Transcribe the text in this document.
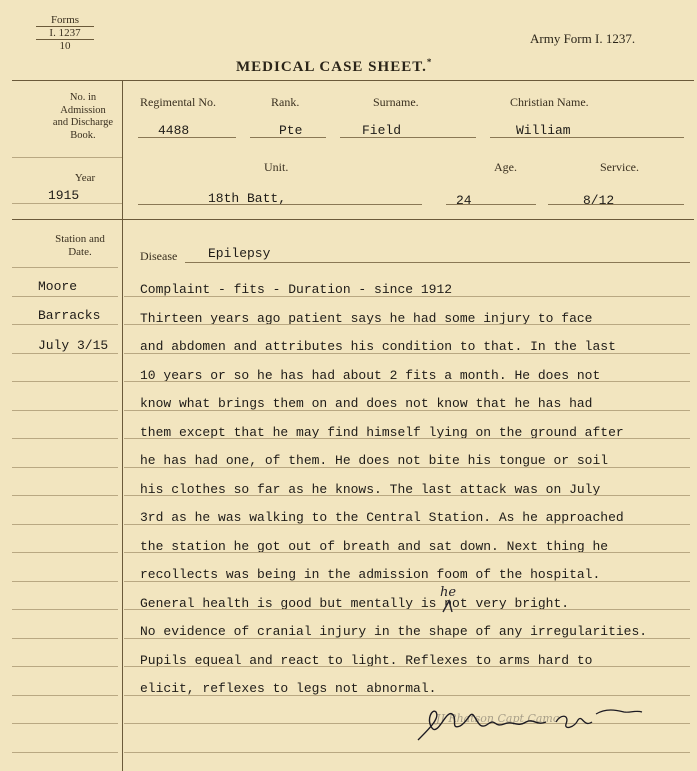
Forms
I. 1237
10	Army Form I. 1237.
MEDICAL CASE SHEET.*
No. in Admission and Discharge Book.
Year
1915
Regimental No.	Rank.	Surname.	Christian Name.
4488	Pte	Field	William
Unit.	Age.	Service.
18th Batt,	24	8/12
Station and Date.
Moore
Barracks
July 3/15
Disease Epilepsy
Complaint - fits - Duration - since 1912
Thirteen years ago patient says he had some injury to face
and abdomen and attributes his condition to that. In the last
10 years or so he has had about 2 fits a month. He does not
know what brings them on and does not know that he has had
them except that he may find himself lying on the ground after
he has had one, of them. He does not bite his tongue or soil
his clothes so far as he knows. The last attack was on July
3rd as he was walking to the Central Station. As he approached
the station he got out of breath and sat down. Next thing he
recollects was being in the admission foom of the hospital.
General health is good but mentally is not very bright.
No evidence of cranial injury in the shape of any irregularities.
Pupils equeal and react to light. Reflexes to arms hard to
elicit, reflexes to legs not abnormal.
he
JJ Rhatson Capt Camc
